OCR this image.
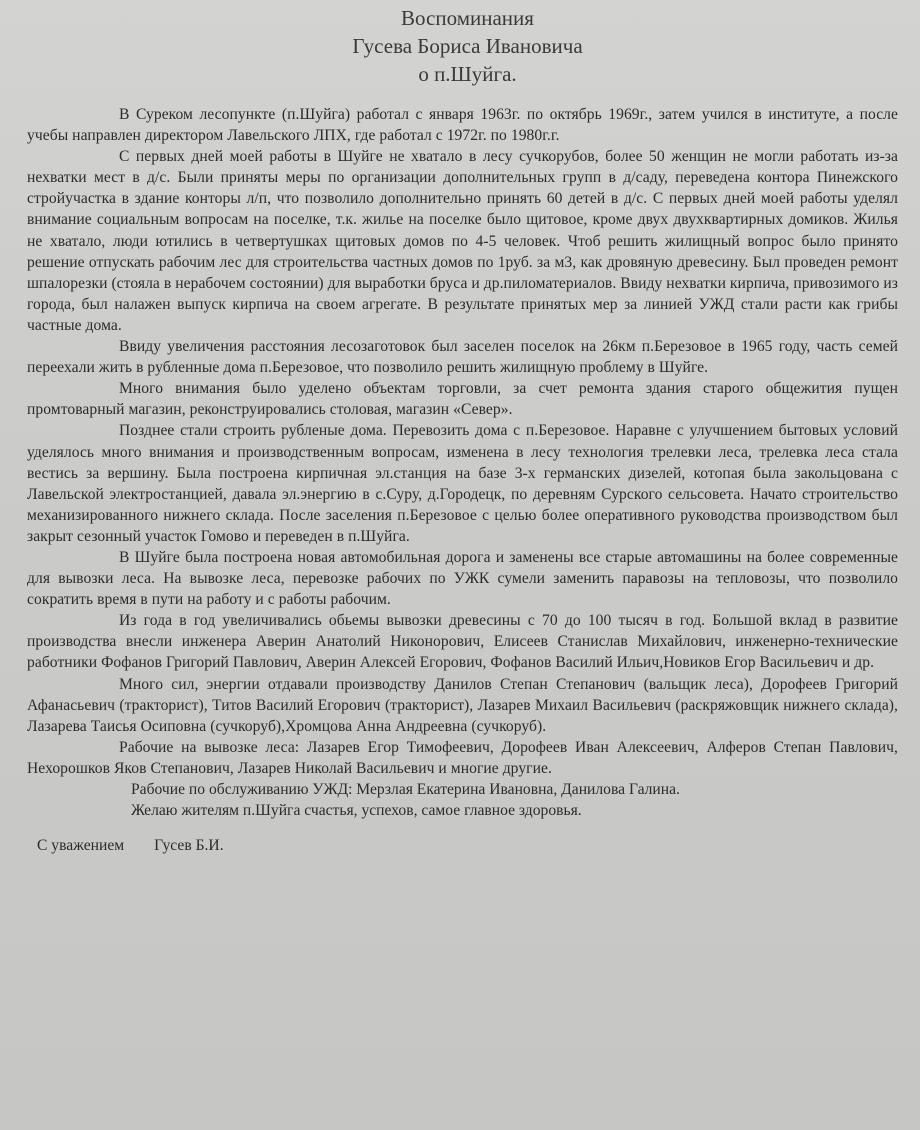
Воспоминания
Гусева Бориса Ивановича
о п.Шуйга.

В Суреком лесопункте (п.Шуйга) работал с января 1963г. по октябрь 1969г., затем учился в институте, а после учебы направлен директором Лавельского ЛПХ, где работал с 1972г. по 1980г.г.

С первых дней моей работы в Шуйге не хватало в лесу сучкорубов, более 50 женщин не могли работать из-за нехватки мест в д/с. Были приняты меры по организации дополнительных групп в д/саду, переведена контора Пинежского стройучастка в здание конторы л/п, что позволило дополнительно принять 60 детей в д/с. С первых дней моей работы уделял внимание социальным вопросам на поселке, т.к. жилье на поселке было щитовое, кроме двух двухквартирных домиков. Жилья не хватало, люди ютились в четвертушках щитовых домов по 4-5 человек. Чтоб решить жилищный вопрос было принято решение отпускать рабочим лес для строительства частных домов по 1руб. за м3, как дровяную древесину. Был проведен ремонт шпалорезки (стояла в нерабочем состоянии) для выработки бруса и др.пиломатериалов. Ввиду нехватки кирпича, привозимого из города, был налажен выпуск кирпича на своем агрегате. В результате принятых мер за линией УЖД стали расти как грибы частные дома.

Ввиду увеличения расстояния лесозаготовок был заселен поселок на 26км п.Березовое в 1965 году, часть семей переехали жить в рубленные дома п.Березовое, что позволило решить жилищную проблему в Шуйге.

Много внимания было уделено объектам торговли, за счет ремонта здания старого общежития пущен промтоварный магазин, реконструировались столовая, магазин «Север».

Позднее стали строить рубленые дома. Перевозить дома с п.Березовое. Наравне с улучшением бытовых условий уделялось много внимания и производственным вопросам, изменена в лесу технология трелевки леса, трелевка леса стала вестись за вершину. Была построена кирпичная эл.станция на базе 3-х германских дизелей, котопая была закольцована с Лавельской электростанцией, давала эл.энергию в с.Суру, д.Городецк, по деревням Сурского сельсовета. Начато строительство механизированного нижнего склада. После заселения п.Березовое с целью более оперативного руководства производством был закрыт сезонный участок Гомово и переведен в п.Шуйга.

В Шуйге была построена новая автомобильная дорога и заменены все старые автомашины на более современные для вывозки леса. На вывозке леса, перевозке рабочих по УЖК сумели заменить паравозы на тепловозы, что позволило сократить время в пути на работу и с работы рабочим.

Из года в год увеличивались обьемы вывозки древесины с 70 до 100 тысяч в год. Большой вклад в развитие производства внесли инженера Аверин Анатолий Никонорович, Елисеев Станислав Михайлович, инженерно-технические работники Фофанов Григорий Павлович, Аверин Алексей Егорович, Фофанов Василий Ильич,Новиков Егор Васильевич и др.

Много сил, энергии отдавали производству Данилов Степан Степанович (вальщик леса), Дорофеев Григорий Афанасьевич (тракторист), Титов Василий Егорович (тракторист), Лазарев Михаил Васильевич (раскряжовщик нижнего склада), Лазарева Таисья Осиповна (сучкоруб),Хромцова Анна Андреевна (сучкоруб).

Рабочие на вывозке леса: Лазарев Егор Тимофеевич, Дорофеев Иван Алексеевич, Алферов Степан Павлович, Нехорошков Яков Степанович, Лазарев Николай Васильевич и многие другие.

Рабочие по обслуживанию УЖД: Мерзлая Екатерина Ивановна, Данилова Галина.

Желаю жителям п.Шуйга счастья, успехов, самое главное здоровья.

С уважением Гусев Б.И.
